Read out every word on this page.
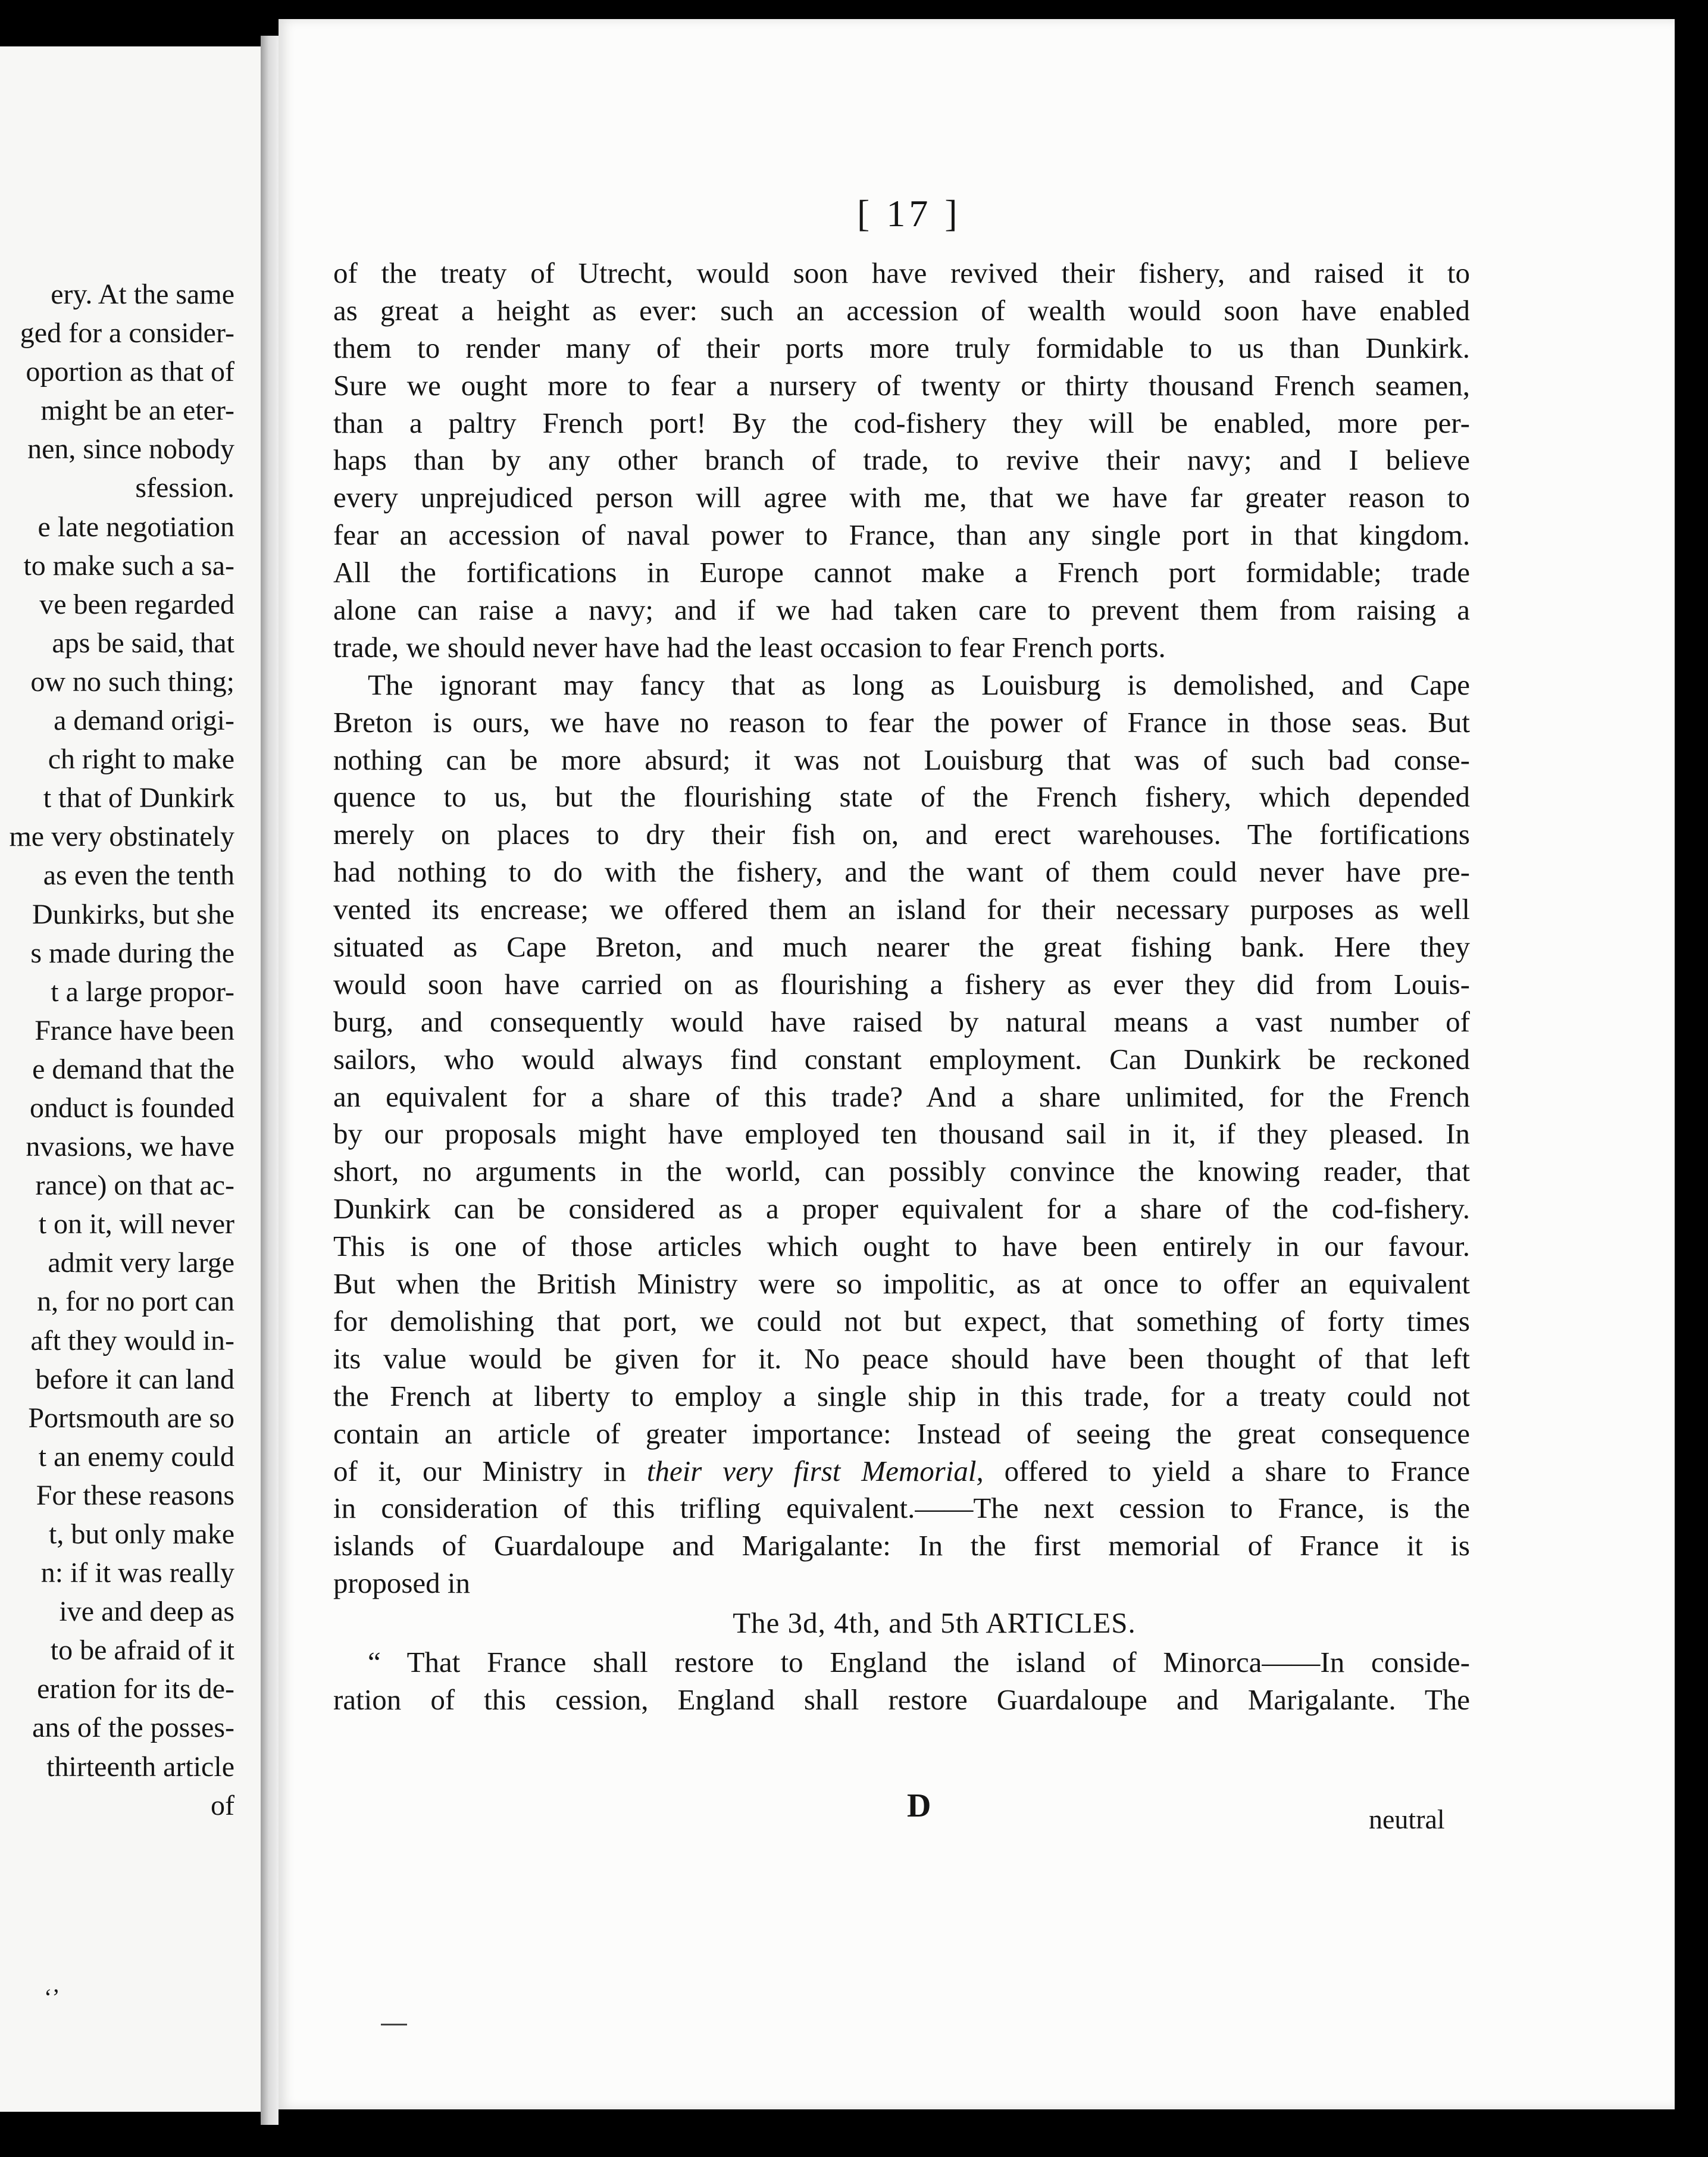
ery. At the same
ged for a consider-
oportion as that of
might be an eter-
nen, since nobody
sfession.
e late negotiation
to make such a sa-
ve been regarded
aps be said, that
ow no such thing;
a demand origi-
ch right to make
t that of Dunkirk
me very obstinately
as even the tenth
Dunkirks, but she
s made during the
t a large propor-
France have been
e demand that the
onduct is founded
nvasions, we have
rance) on that ac-
t on it, will never
admit very large
n, for no port can
aft they would in-
before it can land
Portsmouth are so
t an enemy could
For these reasons
t, but only make
n: if it was really
ive and deep as
to be afraid of it
eration for its de-
ans of the posses-
thirteenth article
of
[ 17 ]
of the treaty of Utrecht, would soon have revived their fishery, and raised it to
as great a height as ever: such an accession of wealth would soon have enabled
them to render many of their ports more truly formidable to us than Dunkirk.
Sure we ought more to fear a nursery of twenty or thirty thousand French seamen,
than a paltry French port! By the cod-fishery they will be enabled, more per-
haps than by any other branch of trade, to revive their navy; and I believe
every unprejudiced person will agree with me, that we have far greater reason to
fear an accession of naval power to France, than any single port in that kingdom.
All the fortifications in Europe cannot make a French port formidable; trade
alone can raise a navy; and if we had taken care to prevent them from raising a
trade, we should never have had the least occasion to fear French ports.
The ignorant may fancy that as long as Louisburg is demolished, and Cape
Breton is ours, we have no reason to fear the power of France in those seas. But
nothing can be more absurd; it was not Louisburg that was of such bad conse-
quence to us, but the flourishing state of the French fishery, which depended
merely on places to dry their fish on, and erect warehouses. The fortifications
had nothing to do with the fishery, and the want of them could never have pre-
vented its encrease; we offered them an island for their necessary purposes as well
situated as Cape Breton, and much nearer the great fishing bank. Here they
would soon have carried on as flourishing a fishery as ever they did from Louis-
burg, and consequently would have raised by natural means a vast number of
sailors, who would always find constant employment. Can Dunkirk be reckoned
an equivalent for a share of this trade? And a share unlimited, for the French
by our proposals might have employed ten thousand sail in it, if they pleased. In
short, no arguments in the world, can possibly convince the knowing reader, that
Dunkirk can be considered as a proper equivalent for a share of the cod-fishery.
This is one of those articles which ought to have been entirely in our favour.
But when the British Ministry were so impolitic, as at once to offer an equivalent
for demolishing that port, we could not but expect, that something of forty times
its value would be given for it. No peace should have been thought of that left
the French at liberty to employ a single ship in this trade, for a treaty could not
contain an article of greater importance: Instead of seeing the great consequence
of it, our Ministry in their very first Memorial, offered to yield a share to France
in consideration of this trifling equivalent.——The next cession to France, is the
islands of Guardaloupe and Marigalante: In the first memorial of France it is
proposed in
The 3d, 4th, and 5th ARTICLES.
“ That France shall restore to England the island of Minorca——In conside-
ration of this cession, England shall restore Guardaloupe and Marigalante. The
D	neutral
‘’
